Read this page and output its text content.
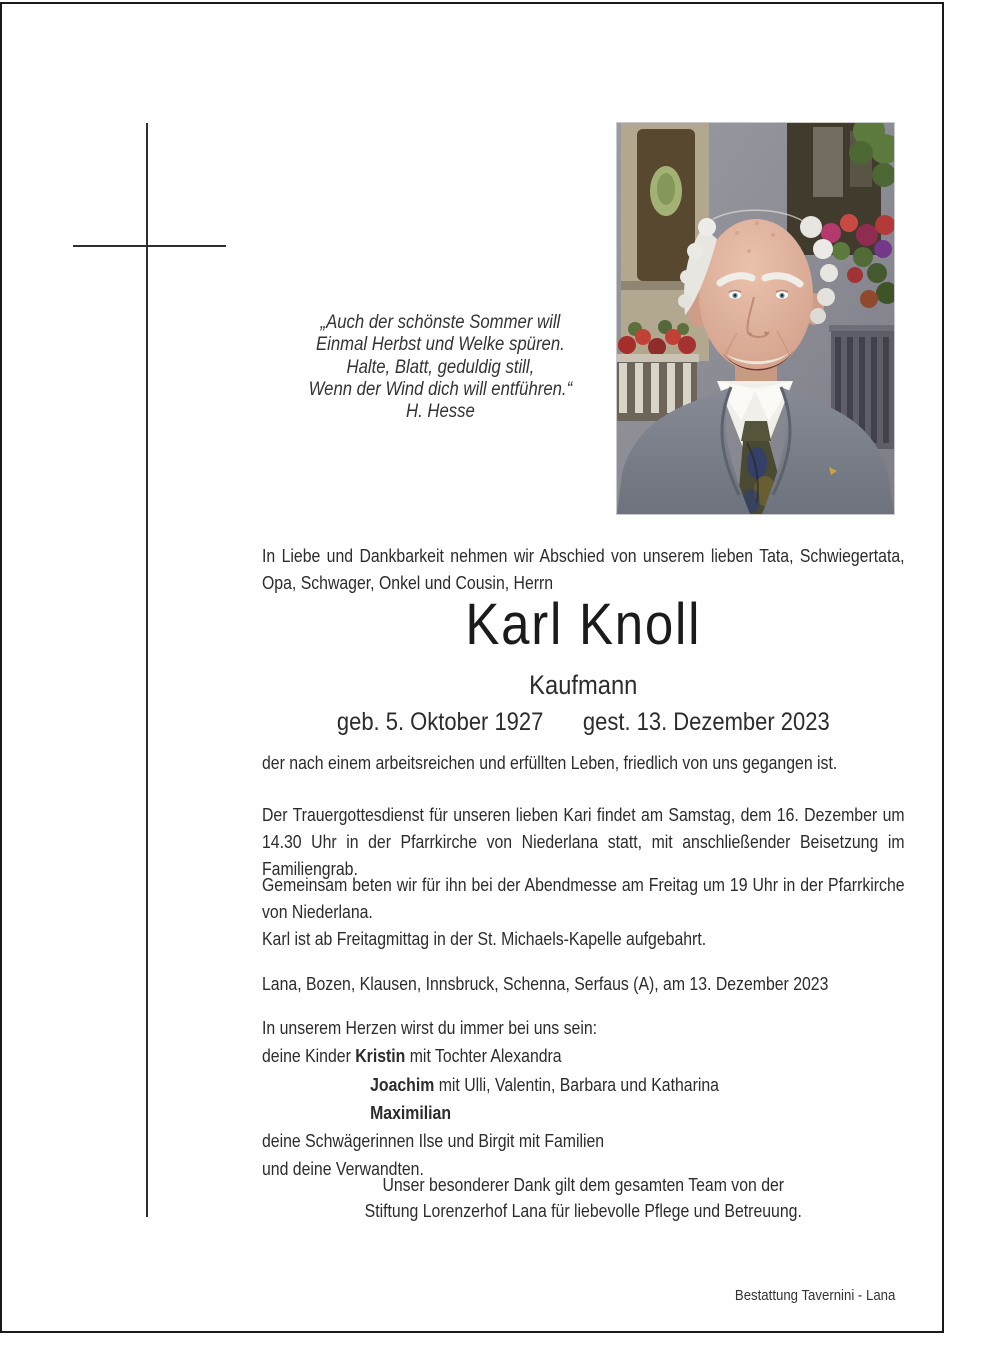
„Auch der schönste Sommer will
Einmal Herbst und Welke spüren.
Halte, Blatt, geduldig still,
Wenn der Wind dich will entführen.“
H. Hesse
In Liebe und Dankbarkeit nehmen wir Abschied von unserem lieben Tata, Schwiegertata, Opa, Schwager, Onkel und Cousin, Herrn
Karl Knoll
Kaufmann
geb. 5. Oktober 1927 gest. 13. Dezember 2023
der nach einem arbeitsreichen und erfüllten Leben, friedlich von uns gegangen ist.
Der Trauergottesdienst für unseren lieben Kari findet am Samstag, dem 16. Dezember um 14.30 Uhr in der Pfarrkirche von Niederlana statt, mit anschließender Beisetzung im Familiengrab.
Gemeinsam beten wir für ihn bei der Abendmesse am Freitag um 19 Uhr in der Pfarrkirche von Niederlana.
Karl ist ab Freitagmittag in der St. Michaels-Kapelle aufgebahrt.
Lana, Bozen, Klausen, Innsbruck, Schenna, Serfaus (A), am 13. Dezember 2023
In unserem Herzen wirst du immer bei uns sein:
deine Kinder Kristin mit Tochter Alexandra
Joachim mit Ulli, Valentin, Barbara und Katharina
Maximilian
deine Schwägerinnen Ilse und Birgit mit Familien
und deine Verwandten.
Unser besonderer Dank gilt dem gesamten Team von der
Stiftung Lorenzerhof Lana für liebevolle Pflege und Betreuung.
Bestattung Tavernini - Lana
